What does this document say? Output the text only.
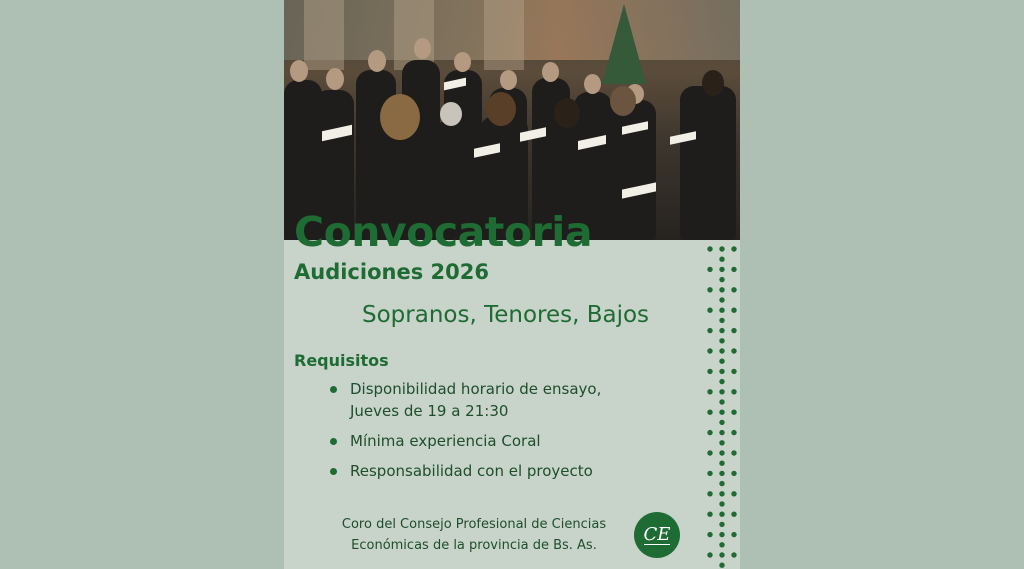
Convocatoria
Audiciones 2026
Sopranos, Tenores, Bajos
Requisitos
Disponibilidad horario de ensayo, Jueves de 19 a 21:30
Mínima experiencia Coral
Responsabilidad con el proyecto
Coro del Consejo Profesional de Ciencias
Económicas de la provincia de Bs. As.
CE
